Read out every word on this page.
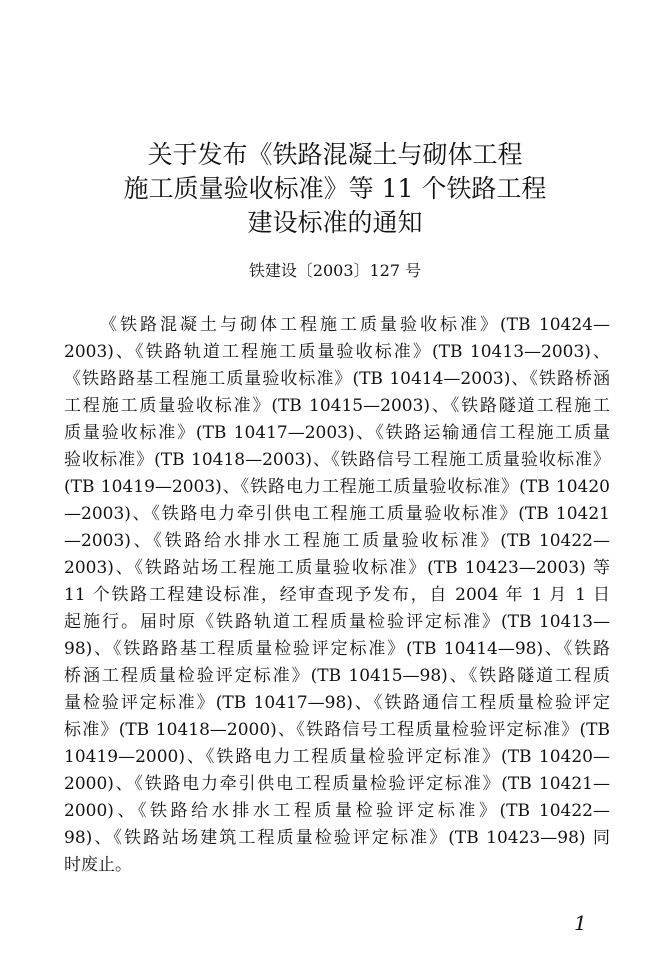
关于发布《铁路混凝土与砌体工程
施工质量验收标准》等 11 个铁路工程
建设标准的通知
铁建设〔2003〕127 号
《铁路混凝土与砌体工程施工质量验收标准》(TB 10424—
2003)、《铁路轨道工程施工质量验收标准》(TB 10413—2003)、
《铁路路基工程施工质量验收标准》(TB 10414—2003)、《铁路桥涵
工程施工质量验收标准》(TB 10415—2003)、《铁路隧道工程施工
质量验收标准》(TB 10417—2003)、《铁路运输通信工程施工质量
验收标准》(TB 10418—2003)、《铁路信号工程施工质量验收标准》
(TB 10419—2003)、《铁路电力工程施工质量验收标准》(TB 10420
—2003)、《铁路电力牵引供电工程施工质量验收标准》(TB 10421
—2003)、《铁路给水排水工程施工质量验收标准》(TB 10422—
2003)、《铁路站场工程施工质量验收标准》(TB 10423—2003) 等
11 个铁路工程建设标准，经审查现予发布，自 2004 年 1 月 1 日
起施行。届时原《铁路轨道工程质量检验评定标准》(TB 10413—
98)、《铁路路基工程质量检验评定标准》(TB 10414—98)、《铁路
桥涵工程质量检验评定标准》(TB 10415—98)、《铁路隧道工程质
量检验评定标准》(TB 10417—98)、《铁路通信工程质量检验评定
标准》(TB 10418—2000)、《铁路信号工程质量检验评定标准》(TB
10419—2000)、《铁路电力工程质量检验评定标准》(TB 10420—
2000)、《铁路电力牵引供电工程质量检验评定标准》(TB 10421—
2000)、《铁路给水排水工程质量检验评定标准》(TB 10422—
98)、《铁路站场建筑工程质量检验评定标准》(TB 10423—98) 同
时废止。
1
